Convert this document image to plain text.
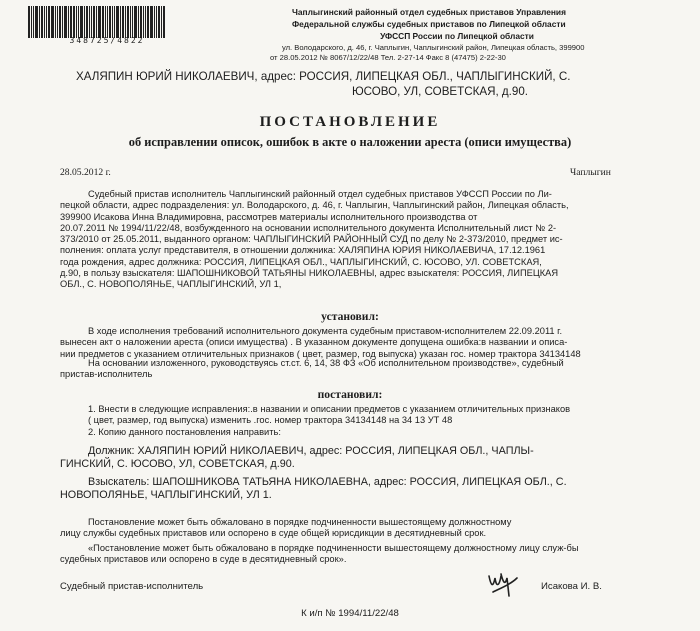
348725/4822
Чаплыгинский районный отдел судебных приставов Управления
Федеральной службы судебных приставов по Липецкой области
УФССП России по Липецкой области
ул. Володарского, д. 46, г. Чаплыгин, Чаплыгинский район, Липецкая область, 399900
от 28.05.2012 № 8067/12/22/48 Тел. 2-27-14 Факс 8 (47475) 2-22-30
ХАЛЯПИН ЮРИЙ НИКОЛАЕВИЧ, адрес: РОССИЯ, ЛИПЕЦКАЯ ОБЛ., ЧАПЛЫГИНСКИЙ, С.
ЮСОВО, УЛ, СОВЕТСКАЯ, д.90.
ПОСТАНОВЛЕНИЕ
об исправлении описок, ошибок в акте о наложении ареста (описи имущества)
28.05.2012 г.	Чаплыгин
Судебный пристав исполнитель Чаплыгинский районный отдел судебных приставов УФССП России по Ли-
пецкой области, адрес подразделения: ул. Володарского, д. 46, г. Чаплыгин, Чаплыгинский район, Липецкая область,
399900 Исакова Инна Владимировна, рассмотрев материалы исполнительного производства от
20.07.2011 № 1994/11/22/48, возбужденного на основании исполнительного документа Исполнительный лист № 2-
373/2010 от 25.05.2011, выданного органом: ЧАПЛЫГИНСКИЙ РАЙОННЫЙ СУД по делу № 2-373/2010, предмет ис-
полнения: оплата услуг представителя, в отношении должника: ХАЛЯПИНА ЮРИЯ НИКОЛАЕВИЧА, 17.12.1961
года рождения, адрес должника: РОССИЯ, ЛИПЕЦКАЯ ОБЛ., ЧАПЛЫГИНСКИЙ, С. ЮСОВО, УЛ. СОВЕТСКАЯ,
д.90, в пользу взыскателя: ШАПОШНИКОВОЙ ТАТЬЯНЫ НИКОЛАЕВНЫ, адрес взыскателя: РОССИЯ, ЛИПЕЦКАЯ
ОБЛ., С. НОВОПОЛЯНЬЕ, ЧАПЛЫГИНСКИЙ, УЛ 1,
установил:
В ходе исполнения требований исполнительного документа судебным приставом-исполнителем 22.09.2011 г.
вынесен акт о наложении ареста (описи имущества) . В указанном документе допущена ошибка:в названии и описа-
нии предметов с указанием отличительных признаков ( цвет, размер, год выпуска) указан гос. номер трактора 34134148
На основании изложенного, руководствуясь ст.ст. 6, 14, 38 ФЗ «Об исполнительном производстве», судебный
пристав-исполнитель
постановил:
1. Внести в следующие исправления:.в названии и описании предметов с указанием отличительных признаков
( цвет, размер, год выпуска) изменить .гос. номер трактора 34134148 на 34 13 УТ 48
2. Копию данного постановления направить:
Должник: ХАЛЯПИН ЮРИЙ НИКОЛАЕВИЧ, адрес: РОССИЯ, ЛИПЕЦКАЯ ОБЛ., ЧАПЛЫ-
ГИНСКИЙ, С. ЮСОВО, УЛ, СОВЕТСКАЯ, д.90.
Взыскатель: ШАПОШНИКОВА ТАТЬЯНА НИКОЛАЕВНА, адрес: РОССИЯ, ЛИПЕЦКАЯ ОБЛ., С.
НОВОПОЛЯНЬЕ, ЧАПЛЫГИНСКИЙ, УЛ 1.
Постановление может быть обжаловано в порядке подчиненности вышестоящему должностному
лицу службы судебных приставов или оспорено в суде общей юрисдикции в десятидневный срок.
«Постановление может быть обжаловано в порядке подчиненности вышестоящему должностному лицу служ-бы
судебных приставов или оспорено в суде в десятидневный срок».
Судебный пристав-исполнитель	Исакова И. В.
К и/п № 1994/11/22/48
